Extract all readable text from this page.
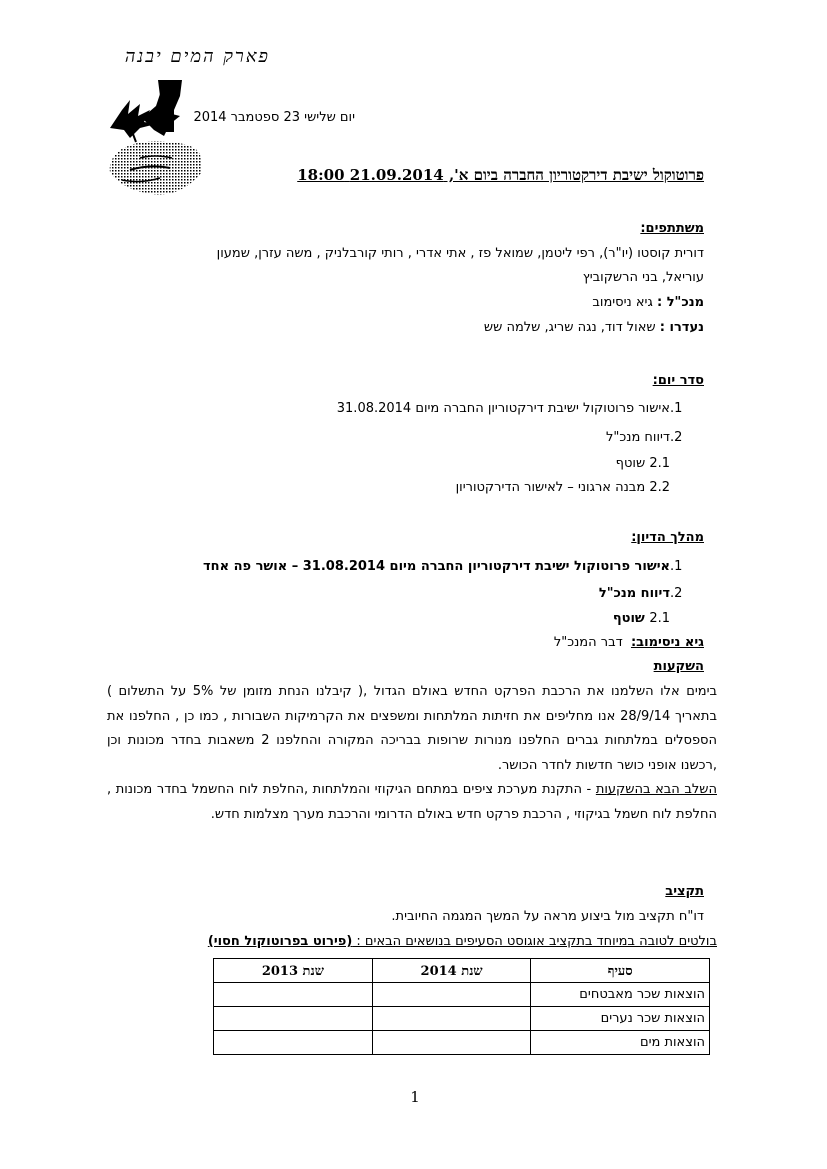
פארק המים יבנה
יום שלישי 23 ספטמבר 2014
פרוטוקול ישיבת דירקטוריון החברה ביום א', 21.09.2014 18:00
משתתפים:
דורית קוסטו (יו"ר), רפי ליטמן, שמואל פז , אתי אדרי , רותי קורבלניק , משה עזרן, שמעון
עוריאל, בני הרשקוביץ
מנכ"ל : גיא ניסימוב
נעדרו : שאול דוד, נגה שריג, שלמה שש
סדר יום:
1.אישור פרוטוקול ישיבת דירקטוריון החברה מיום 31.08.2014
2.דיווח מנכ"ל
2.1 שוטף
2.2 מבנה ארגוני – לאישור הדירקטוריון
מהלך הדיון:
1.אישור פרוטוקול ישיבת דירקטוריון החברה מיום 31.08.2014 – אושר פה אחד
2.דיווח מנכ"ל
2.1 שוטף
גיא ניסימוב:  דבר המנכ"ל
השקעות
בימים אלו השלמנו את הרכבת הפרקט החדש באולם הגדול ,( קיבלנו הנחת מזומן של 5% על התשלום ) בתאריך 28/9/14 אנו מחליפים את חזיתות המלתחות ומשפצים את הקרמיקות השבורות , כמו כן , החלפנו את הספסלים במלתחות גברים החלפנו מנורות שרופות בבריכה המקורה והחלפנו 2 משאבות בחדר מכונות וכן ,רכשנו אופני כושר חדשות לחדר הכושר.
השלב הבא בהשקעות - התקנת מערכת ציפים במתחם הגיקוזי והמלתחות ,החלפת לוח החשמל בחדר מכונות , החלפת לוח חשמל בגיקוזי , הרכבת פרקט חדש באולם הדרומי והרכבת מערך מצלמות חדש.
תקציב
דו"ח תקציב מול ביצוע מראה על המשך המגמה החיובית.
בולטים לטובה במיוחד בתקציב אוגוסט הסעיפים בנושאים הבאים : (פירוט בפרוטוקול חסוי)
סעיף	שנת 2014	שנת 2013
הוצאות שכר מאבטחים		
הוצאות שכר נערים		
הוצאות מים		
1
